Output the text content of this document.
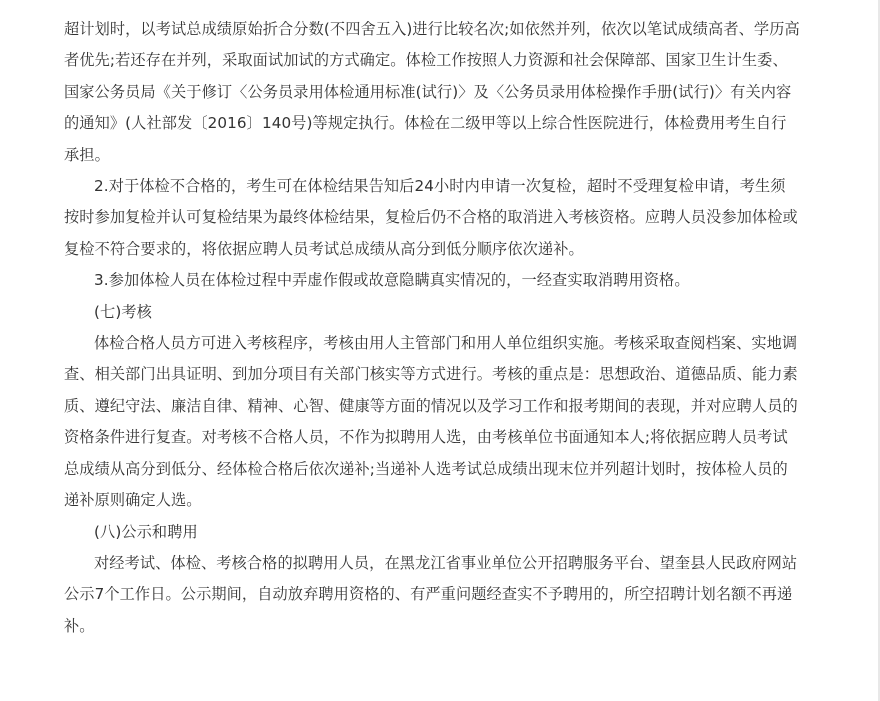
超计划时，以考试总成绩原始折合分数(不四舍五入)进行比较名次;如依然并列，依次以笔试成绩高者、学历高者优先;若还存在并列，采取面试加试的方式确定。体检工作按照人力资源和社会保障部、国家卫生计生委、国家公务员局《关于修订〈公务员录用体检通用标准(试行)〉及〈公务员录用体检操作手册(试行)〉有关内容的通知》(人社部发〔2016〕140号)等规定执行。体检在二级甲等以上综合性医院进行，体检费用考生自行承担。

2.对于体检不合格的，考生可在体检结果告知后24小时内申请一次复检，超时不受理复检申请，考生须按时参加复检并认可复检结果为最终体检结果，复检后仍不合格的取消进入考核资格。应聘人员没参加体检或复检不符合要求的，将依据应聘人员考试总成绩从高分到低分顺序依次递补。

3.参加体检人员在体检过程中弄虚作假或故意隐瞒真实情况的，一经查实取消聘用资格。

(七)考核

体检合格人员方可进入考核程序，考核由用人主管部门和用人单位组织实施。考核采取查阅档案、实地调查、相关部门出具证明、到加分项目有关部门核实等方式进行。考核的重点是：思想政治、道德品质、能力素质、遵纪守法、廉洁自律、精神、心智、健康等方面的情况以及学习工作和报考期间的表现，并对应聘人员的资格条件进行复查。对考核不合格人员，不作为拟聘用人选，由考核单位书面通知本人;将依据应聘人员考试总成绩从高分到低分、经体检合格后依次递补;当递补人选考试总成绩出现末位并列超计划时，按体检人员的递补原则确定人选。

(八)公示和聘用

对经考试、体检、考核合格的拟聘用人员，在黑龙江省事业单位公开招聘服务平台、望奎县人民政府网站公示7个工作日。公示期间，自动放弃聘用资格的、有严重问题经查实不予聘用的，所空招聘计划名额不再递补。
